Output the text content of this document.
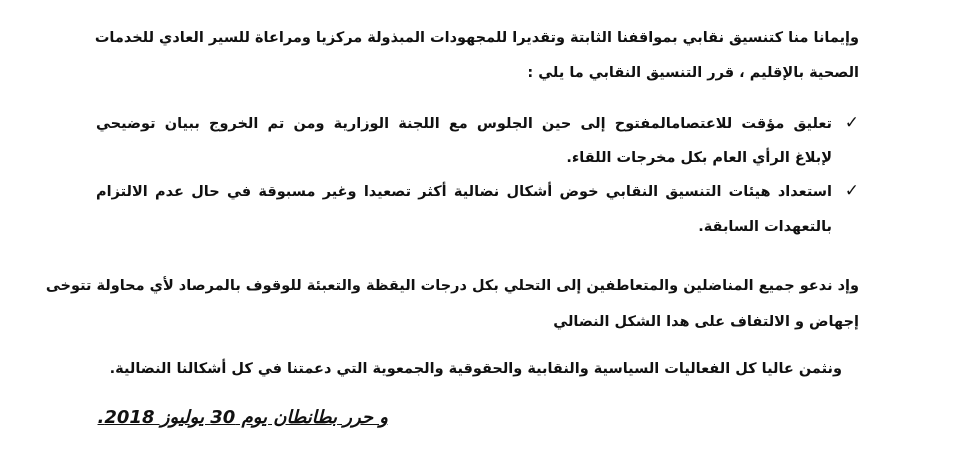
وإيمانا منا كتنسيق نقابي بمواقفنا الثابتة وتقديرا للمجهودات المبذولة مركزيا ومراعاة للسير العادي للخدمات
الصحية بالإقليم ، قرر التنسيق النقابي ما يلي :
✓
تعليق مؤقت للاعتصامالمفتوح إلى حين الجلوس مع اللجنة الوزارية ومن تم الخروج ببيان توضيحي
لإبلاغ الرأي العام بكل مخرجات اللقاء.
✓
استعداد هيئات التنسيق النقابي خوض أشكال نضالية أكثر تصعيدا وغير مسبوقة في حال عدم الالتزام
بالتعهدات السابقة.
وإد ندعو جميع المناضلين والمتعاطفين إلى التحلي بكل درجات اليقظة والتعبئة للوقوف بالمرصاد لأي محاولة تتوخى
إجهاض و الالتفاف على هدا الشكل النضالي
ونثمن عاليا كل الفعاليات السياسية والنقابية والحقوقية والجمعوية التي دعمتنا في كل أشكالنا النضالية.
و حرر بطانطان يوم 30 يوليوز 2018.
